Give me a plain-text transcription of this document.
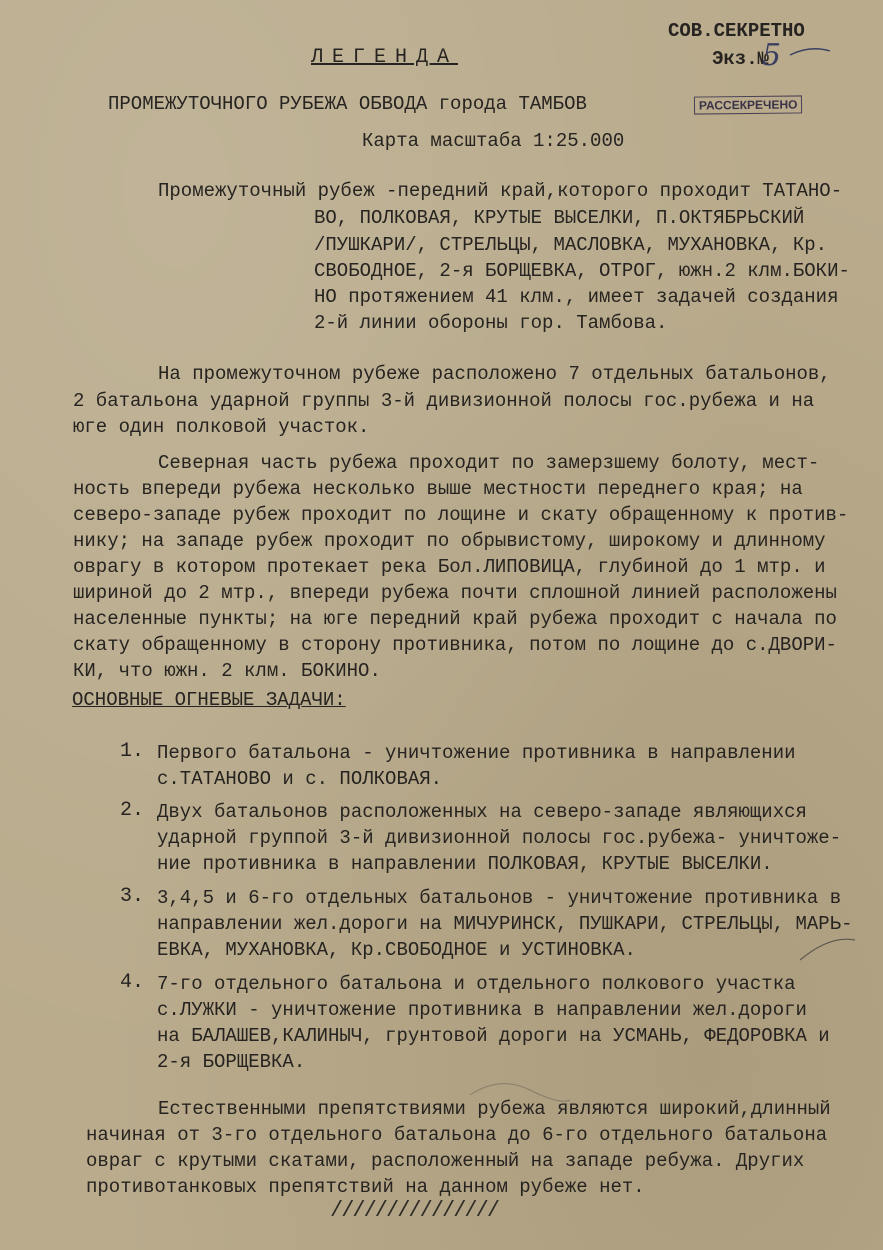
СОВ.СЕКРЕТНО
Экз.№
5
ЛЕГЕНДА
ПРОМЕЖУТОЧНОГО РУБЕЖА ОБВОДА города ТАМБОВ	РАССЕКРЕЧЕНО
Карта масштаба 1:25.000
Промежуточный рубеж -передний край,которого проходит ТАТАНО-
ВО, ПОЛКОВАЯ, КРУТЫЕ ВЫСЕЛКИ, П.ОКТЯБРЬСКИЙ
/ПУШКАРИ/, СТРЕЛЬЦЫ, МАСЛОВКА, МУХАНОВКА, Кр.
СВОБОДНОЕ, 2-я БОРЩЕВКА, ОТРОГ, южн.2 клм.БОКИ-
НО протяжением 41 клм., имеет задачей создания
2-й линии обороны гор. Тамбова.
На промежуточном рубеже расположено 7 отдельных батальонов,
2 батальона ударной группы 3-й дивизионной полосы гос.рубежа и на
юге один полковой участок.
Северная часть рубежа проходит по замерзшему болоту, мест-
ность впереди рубежа несколько выше местности переднего края; на
северо-западе рубеж проходит по лощине и скату обращенному к против-
нику; на западе рубеж проходит по обрывистому, широкому и длинному
оврагу в котором протекает река Бол.ЛИПОВИЦА, глубиной до 1 мтр. и
шириной до 2 мтр., впереди рубежа почти сплошной линией расположены
населенные пункты; на юге передний край рубежа проходит с начала по
скату обращенному в сторону противника, потом по лощине до с.ДВОРИ-
КИ, что южн. 2 клм. БОКИНО.
ОСНОВНЫЕ ОГНЕВЫЕ ЗАДАЧИ:
1. Первого батальона - уничтожение противника в направлении
с.ТАТАНОВО и с. ПОЛКОВАЯ.
2. Двух батальонов расположенных на северо-западе являющихся
ударной группой 3-й дивизионной полосы гос.рубежа- уничтоже-
ние противника в направлении ПОЛКОВАЯ, КРУТЫЕ ВЫСЕЛКИ.
3. 3,4,5 и 6-го отдельных батальонов - уничтожение противника в
направлении жел.дороги на МИЧУРИНСК, ПУШКАРИ, СТРЕЛЬЦЫ, МАРЬ-
ЕВКА, МУХАНОВКА, Кр.СВОБОДНОЕ и УСТИНОВКА.
4. 7-го отдельного батальона и отдельного полкового участка
с.ЛУЖКИ - уничтожение противника в направлении жел.дороги
на БАЛАШЕВ,КАЛИНЫЧ, грунтовой дороги на УСМАНЬ, ФЕДОРОВКА и
2-я БОРЩЕВКА.
Естественными препятствиями рубежа являются широкий,длинный
начиная от 3-го отдельного батальона до 6-го отдельного батальона
овраг с крутыми скатами, расположенный на западе ребужа. Других
противотанковых препятствий на данном рубеже нет.
///////////////
